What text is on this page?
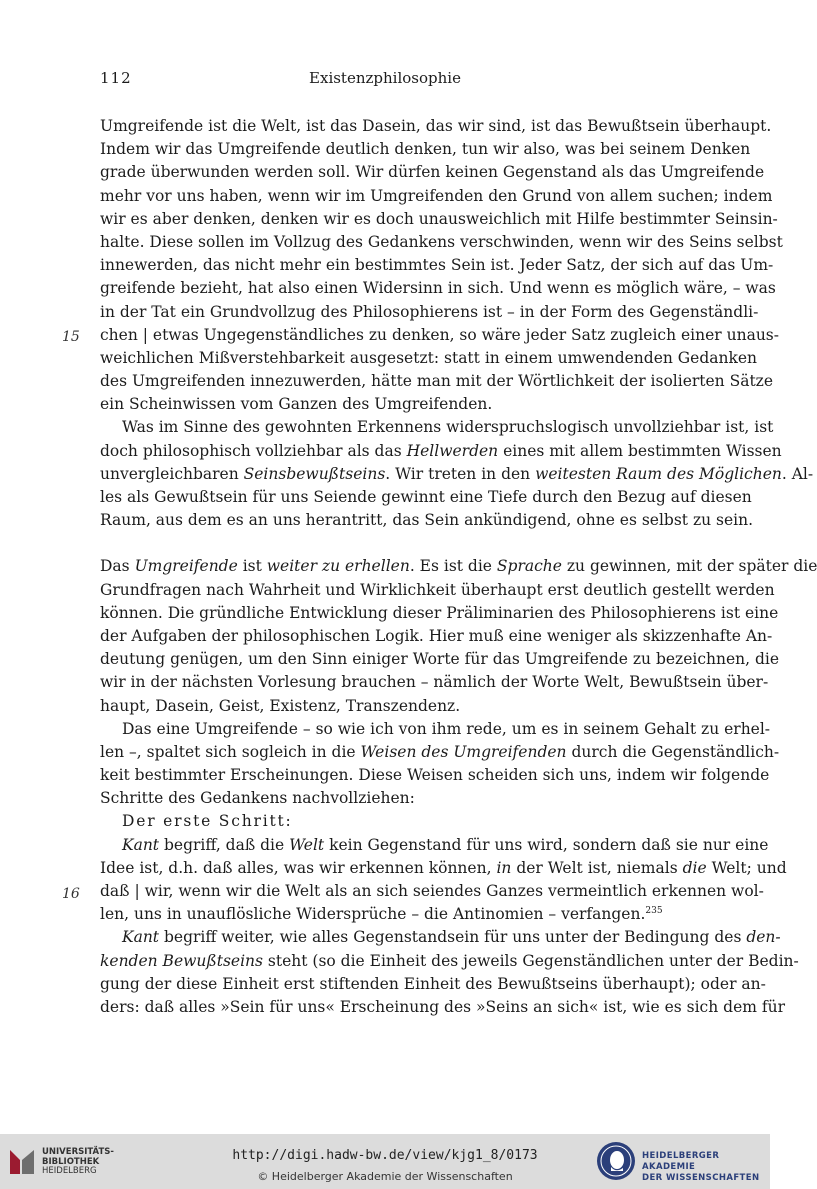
112	Existenzphilosophie
15
16
Umgreifende ist die Welt, ist das Dasein, das wir sind, ist das Bewußtsein überhaupt.
Indem wir das Umgreifende deutlich denken, tun wir also, was bei seinem Denken
grade überwunden werden soll. Wir dürfen keinen Gegenstand als das Umgreifende
mehr vor uns haben, wenn wir im Umgreifenden den Grund von allem suchen; indem
wir es aber denken, denken wir es doch unausweichlich mit Hilfe bestimmter Seinsin-
halte. Diese sollen im Vollzug des Gedankens verschwinden, wenn wir des Seins selbst
innewerden, das nicht mehr ein bestimmtes Sein ist. Jeder Satz, der sich auf das Um-
greifende bezieht, hat also einen Widersinn in sich. Und wenn es möglich wäre, – was
in der Tat ein Grundvollzug des Philosophierens ist – in der Form des Gegenständli-
chen | etwas Ungegenständliches zu denken, so wäre jeder Satz zugleich einer unaus-
weichlichen Mißverstehbarkeit ausgesetzt: statt in einem umwendenden Gedanken
des Umgreifenden innezuwerden, hätte man mit der Wörtlichkeit der isolierten Sätze
ein Scheinwissen vom Ganzen des Umgreifenden.
Was im Sinne des gewohnten Erkennens widerspruchslogisch unvollziehbar ist, ist
doch philosophisch vollziehbar als das Hellwerden eines mit allem bestimmten Wissen
unvergleichbaren Seinsbewußtseins. Wir treten in den weitesten Raum des Möglichen. Al-
les als Gewußtsein für uns Seiende gewinnt eine Tiefe durch den Bezug auf diesen
Raum, aus dem es an uns herantritt, das Sein ankündigend, ohne es selbst zu sein.
Das Umgreifende ist weiter zu erhellen. Es ist die Sprache zu gewinnen, mit der später die
Grundfragen nach Wahrheit und Wirklichkeit überhaupt erst deutlich gestellt werden
können. Die gründliche Entwicklung dieser Präliminarien des Philosophierens ist eine
der Aufgaben der philosophischen Logik. Hier muß eine weniger als skizzenhafte An-
deutung genügen, um den Sinn einiger Worte für das Umgreifende zu bezeichnen, die
wir in der nächsten Vorlesung brauchen – nämlich der Worte Welt, Bewußtsein über-
haupt, Dasein, Geist, Existenz, Transzendenz.
Das eine Umgreifende – so wie ich von ihm rede, um es in seinem Gehalt zu erhel-
len –, spaltet sich sogleich in die Weisen des Umgreifenden durch die Gegenständlich-
keit bestimmter Erscheinungen. Diese Weisen scheiden sich uns, indem wir folgende
Schritte des Gedankens nachvollziehen:
Der erste Schritt:
Kant begriff, daß die Welt kein Gegenstand für uns wird, sondern daß sie nur eine
Idee ist, d.h. daß alles, was wir erkennen können, in der Welt ist, niemals die Welt; und
daß | wir, wenn wir die Welt als an sich seiendes Ganzes vermeintlich erkennen wol-
len, uns in unauflösliche Widersprüche – die Antinomien – verfangen.$^{235}$
Kant begriff weiter, wie alles Gegenstandsein für uns unter der Bedingung des den-
kenden Bewußtseins steht (so die Einheit des jeweils Gegenständlichen unter der Bedin-
gung der diese Einheit erst stiftenden Einheit des Bewußtseins überhaupt); oder an-
ders: daß alles »Sein für uns« Erscheinung des »Seins an sich« ist, wie es sich dem für
UNIVERSITÄTS-
BIBLIOTHEK
HEIDELBERG
http://digi.hadw-bw.de/view/kjg1_8/0173
© Heidelberger Akademie der Wissenschaften
HEIDELBERGER AKADEMIE
DER WISSENSCHAFTEN
